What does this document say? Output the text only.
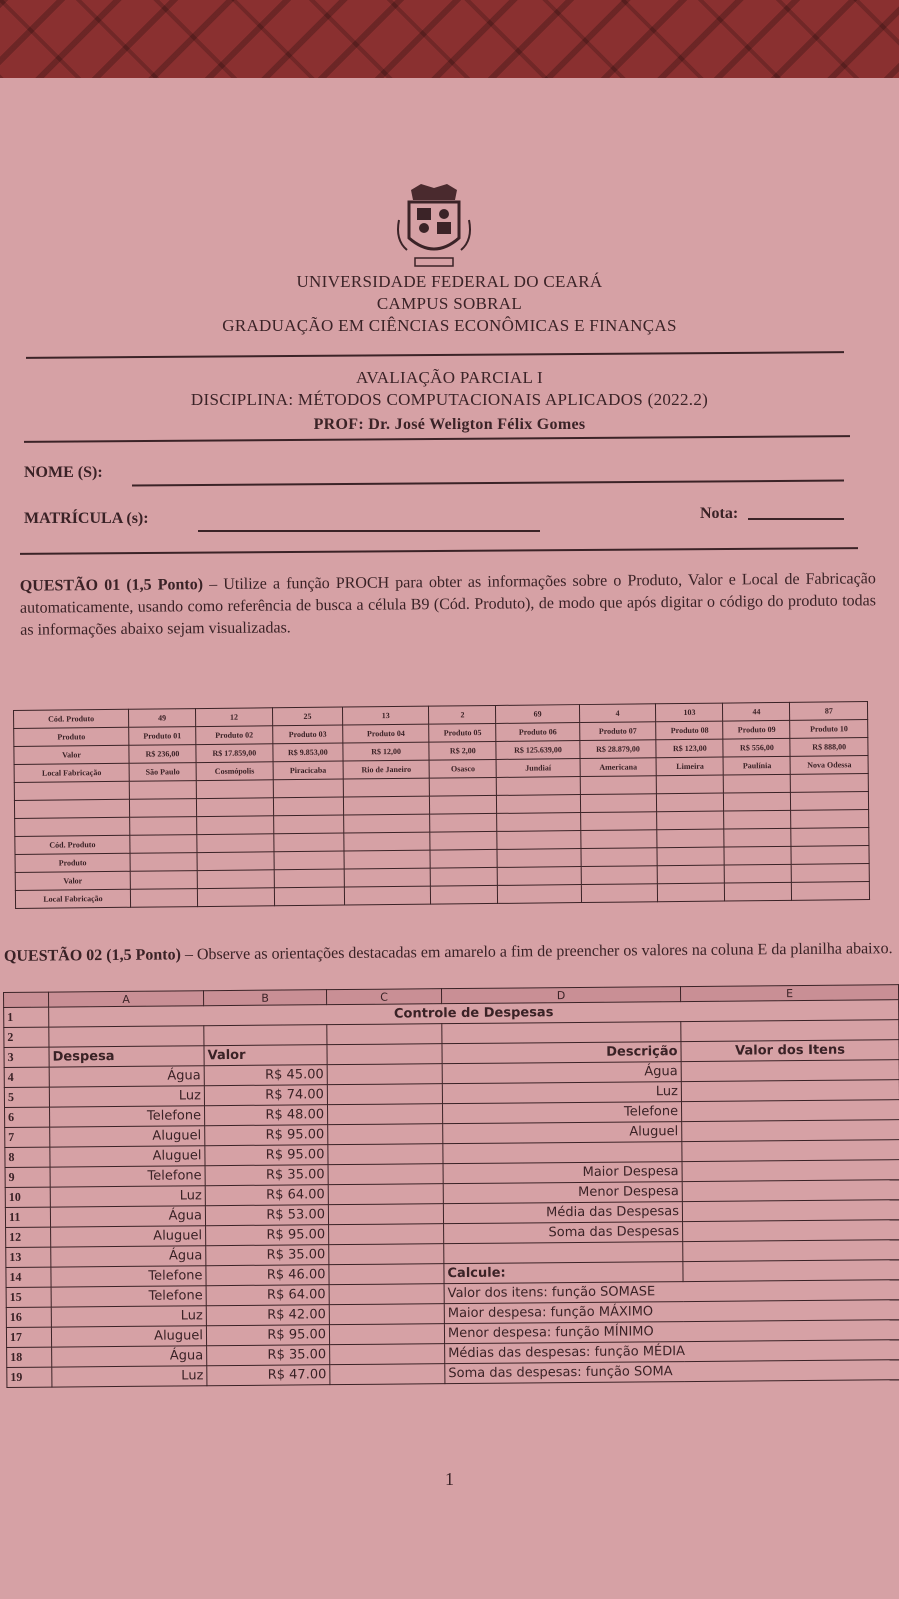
UNIVERSIDADE FEDERAL DO CEARÁ
CAMPUS SOBRAL
GRADUAÇÃO EM CIÊNCIAS ECONÔMICAS E FINANÇAS
AVALIAÇÃO PARCIAL I
DISCIPLINA: MÉTODOS COMPUTACIONAIS APLICADOS (2022.2)
PROF: Dr. José Weligton Félix Gomes
NOME (S):
MATRÍCULA (s):	Nota:
QUESTÃO 01 (1,5 Ponto) – Utilize a função PROCH para obter as informações sobre o Produto, Valor e Local de Fabricação automaticamente, usando como referência de busca a célula B9 (Cód. Produto), de modo que após digitar o código do produto todas as informações abaixo sejam visualizadas.
Cód. Produto	49	12	25	13	2	69	4	103	44	87
Produto	Produto 01	Produto 02	Produto 03	Produto 04	Produto 05	Produto 06	Produto 07	Produto 08	Produto 09	Produto 10
Valor	R$ 236,00	R$ 17.859,00	R$ 9.853,00	R$ 12,00	R$ 2,00	R$ 125.639,00	R$ 28.879,00	R$ 123,00	R$ 556,00	R$ 888,00
Local Fabricação	São Paulo	Cosmópolis	Piracicaba	Rio de Janeiro	Osasco	Jundiaí	Americana	Limeira	Paulínia	Nova Odessa

Cód. Produto										
Produto										
Valor										
Local Fabricação										
QUESTÃO 02 (1,5 Ponto) – Observe as orientações destacadas em amarelo a fim de preencher os valores na coluna E da planilha abaixo.
	A	B	C	D	E
1	Controle de Despesas				
2					
3	Despesa	Valor		Descrição	Valor dos Itens
4	Água	R$ 45.00		Água	
5	Luz	R$ 74.00		Luz	
6	Telefone	R$ 48.00		Telefone	
7	Aluguel	R$ 95.00		Aluguel	
8	Aluguel	R$ 95.00			
9	Telefone	R$ 35.00		Maior Despesa	
10	Luz	R$ 64.00		Menor Despesa	
11	Água	R$ 53.00		Média das Despesas	
12	Aluguel	R$ 95.00		Soma das Despesas	
13	Água	R$ 35.00			
14	Telefone	R$ 46.00		Calcule:	
15	Telefone	R$ 64.00		Valor dos itens: função SOMASE	
16	Luz	R$ 42.00		Maior despesa: função MÁXIMO	
17	Aluguel	R$ 95.00		Menor despesa: função MÍNIMO	
18	Água	R$ 35.00		Médias das despesas: função MÉDIA	
19	Luz	R$ 47.00		Soma das despesas: função SOMA	
1
